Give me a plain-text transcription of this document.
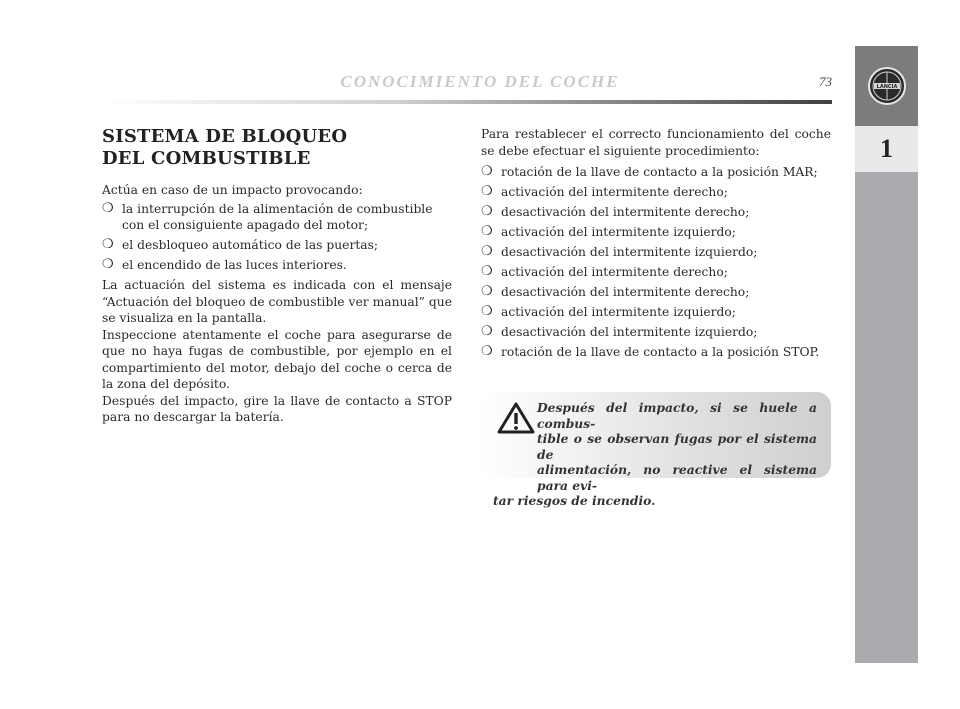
CONOCIMIENTO DEL COCHE	73	LANCIA
1
SISTEMA DE BLOQUEO
DEL COMBUSTIBLE

Actúa en caso de un impacto provocando:

❍ la interrupción de la alimentación de combustible con el consiguiente apagado del motor;
❍ el desbloqueo automático de las puertas;
❍ el encendido de las luces interiores.

La actuación del sistema es indicada con el mensaje “Actuación del bloqueo de combustible ver manual” que se visualiza en la pantalla.

Inspeccione atentamente el coche para asegurarse de que no haya fugas de combustible, por ejemplo en el compartimiento del motor, debajo del coche o cerca de la zona del depósito.

Después del impacto, gire la llave de contacto a STOP para no descargar la batería.

Para restablecer el correcto funcionamiento del coche se debe efectuar el siguiente procedimiento:

❍ rotación de la llave de contacto a la posición MAR;
❍ activación del intermitente derecho;
❍ desactivación del intermitente derecho;
❍ activación del intermitente izquierdo;
❍ desactivación del intermitente izquierdo;
❍ activación del intermitente derecho;
❍ desactivación del intermitente derecho;
❍ activación del intermitente izquierdo;
❍ desactivación del intermitente izquierdo;
❍ rotación de la llave de contacto a la posición STOP.
Después del impacto, si se huele a combus-
tible o se observan fugas por el sistema de
alimentación, no reactive el sistema para evi-
tar riesgos de incendio.
